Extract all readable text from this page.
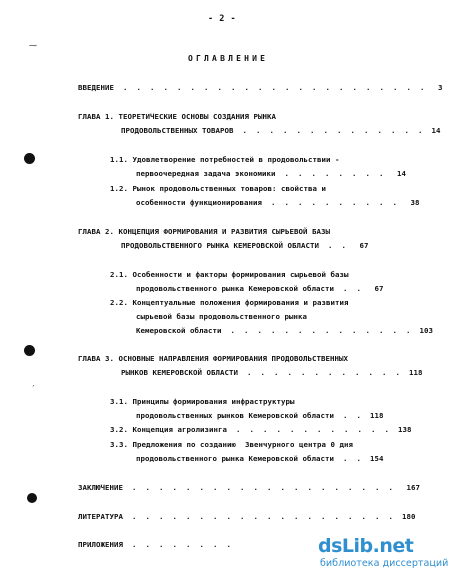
- 2 -
ОГЛАВЛЕНИЕ
ВВЕДЕНИЕ  .  .  .  .  .  .  .  .  .  .  .  .  .  .  .  .  .  .  .  .  .  .  .   3
ГЛАВА 1. ТЕОРЕТИЧЕСКИЕ ОСНОВЫ СОЗДАНИЯ РЫНКА
ПРОДОВОЛЬСТВЕННЫХ ТОВАРОВ  .  .  .  .  .  .  .  .  .  .  .  .  .  .  14
1.1. Удовлетворение потребностей в продовольствии -
первоочередная задача экономики  .  .  .  .  .  .  .  .   14
1.2. Рынок продовольственных товаров: свойства и
особенности функционирования  .  .  .  .  .  .  .  .  .  .   38
ГЛАВА 2. КОНЦЕПЦИЯ ФОРМИРОВАНИЯ И РАЗВИТИЯ СЫРЬЕВОЙ БАЗЫ
ПРОДОВОЛЬСТВЕННОГО РЫНКА КЕМЕРОВСКОЙ ОБЛАСТИ  .  .   67
2.1. Особенности и факторы формирования сырьевой базы
продовольственного рынка Кемеровской области  .  .   67
2.2. Концептуальные положения формирования и развития
сырьевой базы продовольственного рынка
Кемеровской области  .  .  .  .  .  .  .  .  .  .  .  .  .  .  103
ГЛАВА 3. ОСНОВНЫЕ НАПРАВЛЕНИЯ ФОРМИРОВАНИЯ ПРОДОВОЛЬСТВЕННЫХ
РЫНКОВ КЕМЕРОВСКОЙ ОБЛАСТИ  .  .  .  .  .  .  .  .  .  .  .  .  118
3.1. Принципы формирования инфраструктуры
продовольственных рынков Кемеровской области  .  .  118
3.2. Концепция агролизинга  .  .  .  .  .  .  .  .  .  .  .  .  138
3.3. Предложения по созданию  Звенчурного центра 0 дня
продовольственного рынка Кемеровской области  .  .  154
ЗАКЛЮЧЕНИЕ  .  .  .  .  .  .  .  .  .  .  .  .  .  .  .  .  .  .  .  .   167
ЛИТЕРАТУРА  .  .  .  .  .  .  .  .  .  .  .  .  .  .  .  .  .  .  .  .  180
ПРИЛОЖЕНИЯ  .  .  .  .  .  .  .  .
⁓
ˏ
dsLib.net
библиотека диссертаций
